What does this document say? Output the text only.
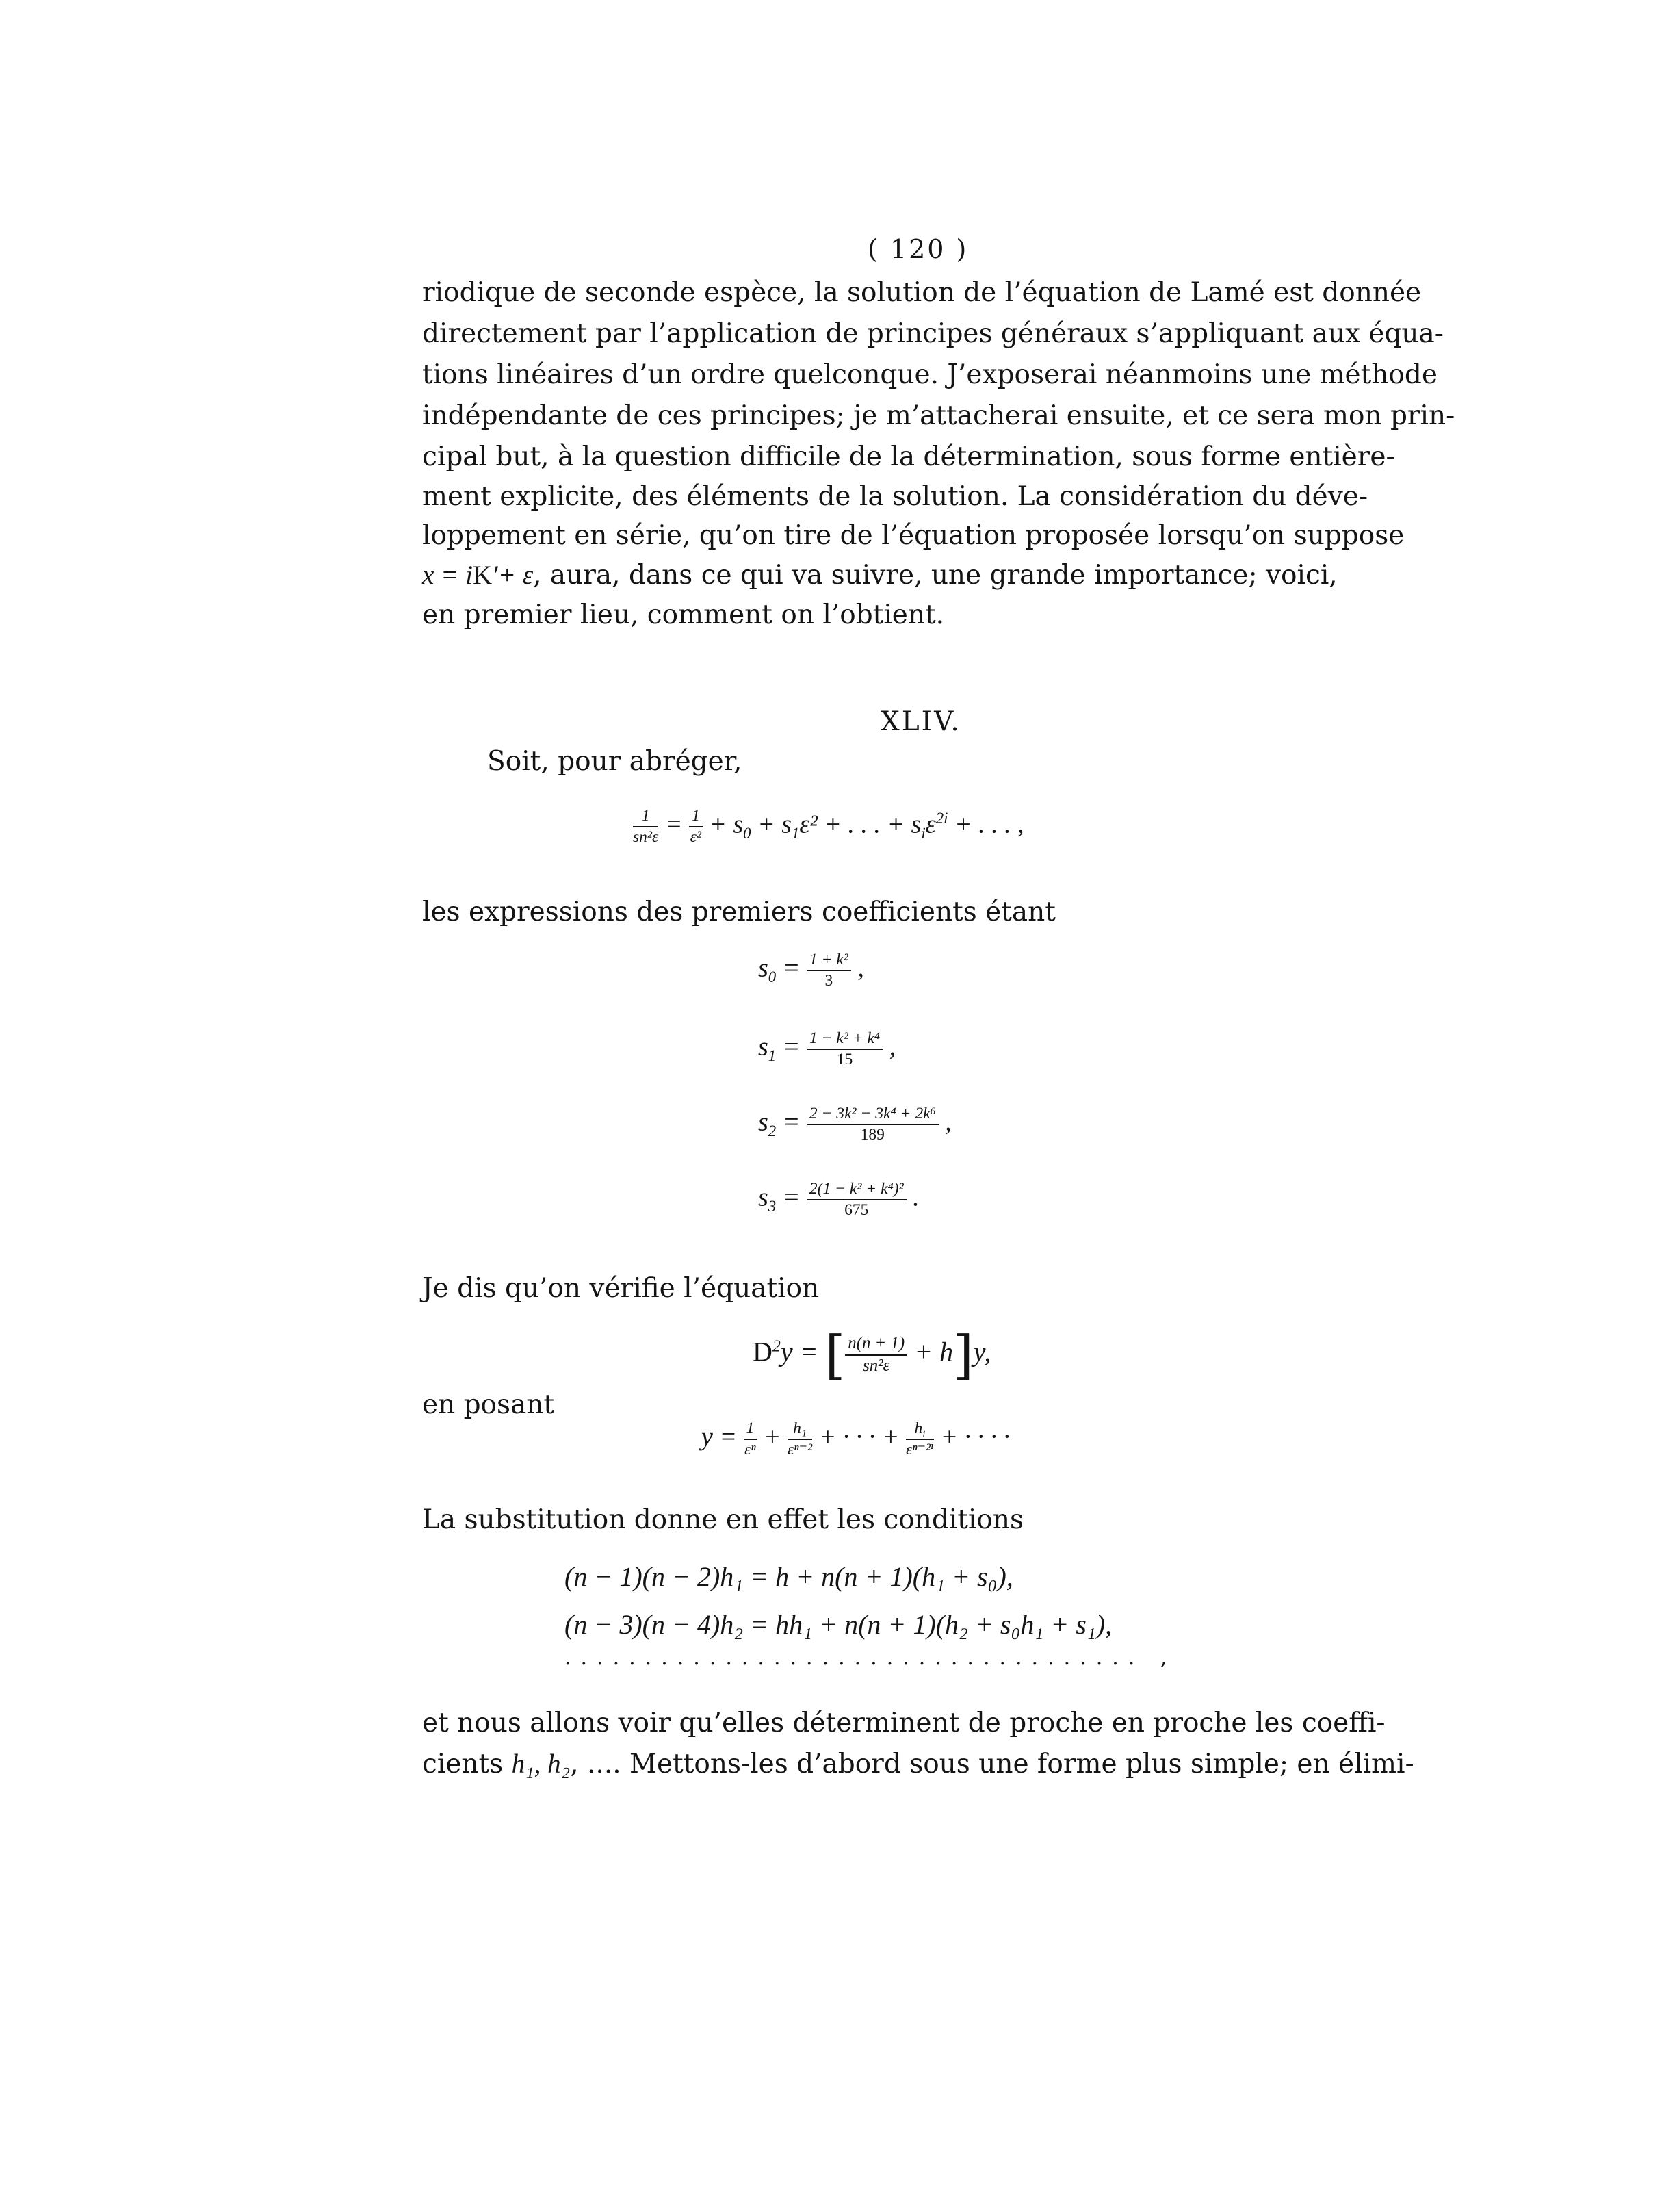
( 120 )
riodique de seconde espèce, la solution de l’équation de Lamé est donnée
directement par l’application de principes généraux s’appliquant aux équa-
tions linéaires d’un ordre quelconque. J’exposerai néanmoins une méthode
indépendante de ces principes; je m’attacherai ensuite, et ce sera mon prin-
cipal but, à la question difficile de la détermination, sous forme entière-
ment explicite, des éléments de la solution. La considération du déve-
loppement en série, qu’on tire de l’équation proposée lorsqu’on suppose
x = iK′+ ε, aura, dans ce qui va suivre, une grande importance; voici,
en premier lieu, comment on l’obtient.
XLIV.
Soit, pour abréger,
$\frac{1}{\text{sn²ε}} = \frac{1}{\text{ε²}} + s_0 + s_1\varepsilon^2$ + . . . + $s_i\varepsilon^{2i}$ + . . . ,
les expressions des premiers coefficients étant
$s_0 = \frac{\text{1 + k²}}{3}$ ,
$s_1 = \frac{\text{1 − k² + k⁴}}{15}$ ,
$s_2 = \frac{\text{2 − 3k² − 3k⁴ + 2k⁶}}{189}$ ,
$s_3 = \frac{\text{2(1 − k² + k⁴)²}}{675}$ .
Je dis qu’on vérifie l’équation
$D^2y$ = [ $\frac{n(n + 1)}{\text{sn²ε}} + h]y$,
en posant
$y = \frac{1}{\text{εⁿ}} + \frac{\text{h₁}}{\text{εⁿ⁻²}}$ + · · · + $\frac{h_i}{\text{εⁿ⁻²ⁱ}}$ + · · · ·
La substitution donne en effet les conditions
(n − 1)(n − 2)h₁ = h + n(n + 1)(h₁ + s₀),
(n − 3)(n − 4)h₂ = hh₁ + n(n + 1)(h₂ + s₀h₁ + s₁),
.................................... ,
et nous allons voir qu’elles déterminent de proche en proche les coeffi-
cients h₁, h₂, .... Mettons-les d’abord sous une forme plus simple; en élimi-
